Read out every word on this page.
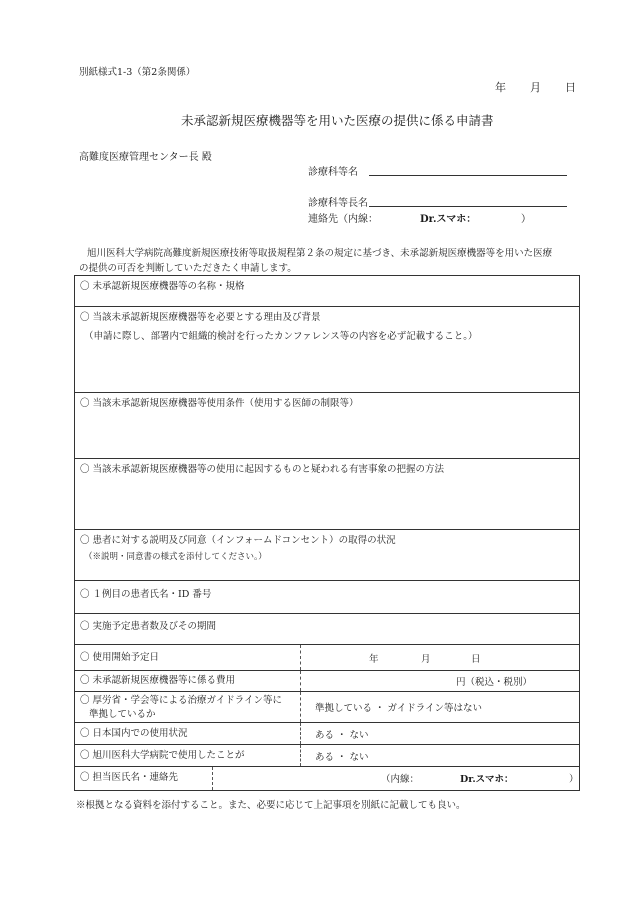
別紙様式1-3（第2条関係）
年 月 日
未承認新規医療機器等を用いた医療の提供に係る申請書
高難度医療管理センター長 殿
診療科等名
診療科等長名
連絡先（内線：	Dr.スマホ：	）
旭川医科大学病院高難度新規医療技術等取扱規程第２条の規定に基づき、未承認新規医療機器等を用いた医療
の提供の可否を判断していただきたく申請します。
〇 未承認新規医療機器等の名称・規格
〇 当該未承認新規医療機器等を必要とする理由及び背景
（申請に際し、部署内で組織的検討を行ったカンファレンス等の内容を必ず記載すること。）
〇 当該未承認新規医療機器等使用条件（使用する医師の制限等）
〇 当該未承認新規医療機器等の使用に起因するものと疑われる有害事象の把握の方法
〇 患者に対する説明及び同意（インフォームドコンセント）の取得の状況
（※説明・同意書の様式を添付してください。）
〇 １例目の患者氏名・ID 番号
〇 実施予定患者数及びその期間
〇 使用開始予定日	年	月	日
〇 未承認新規医療機器等に係る費用	円（税込・税別）
〇 厚労省・学会等による治療ガイドライン等に
準拠しているか
準拠している ・ ガイドライン等はない
〇 日本国内での使用状況	ある ・ ない
〇 旭川医科大学病院で使用したことが	ある ・ ない
〇 担当医氏名・連絡先	（内線：	Dr.スマホ：	）
※根拠となる資料を添付すること。また、必要に応じて上記事項を別紙に記載しても良い。
